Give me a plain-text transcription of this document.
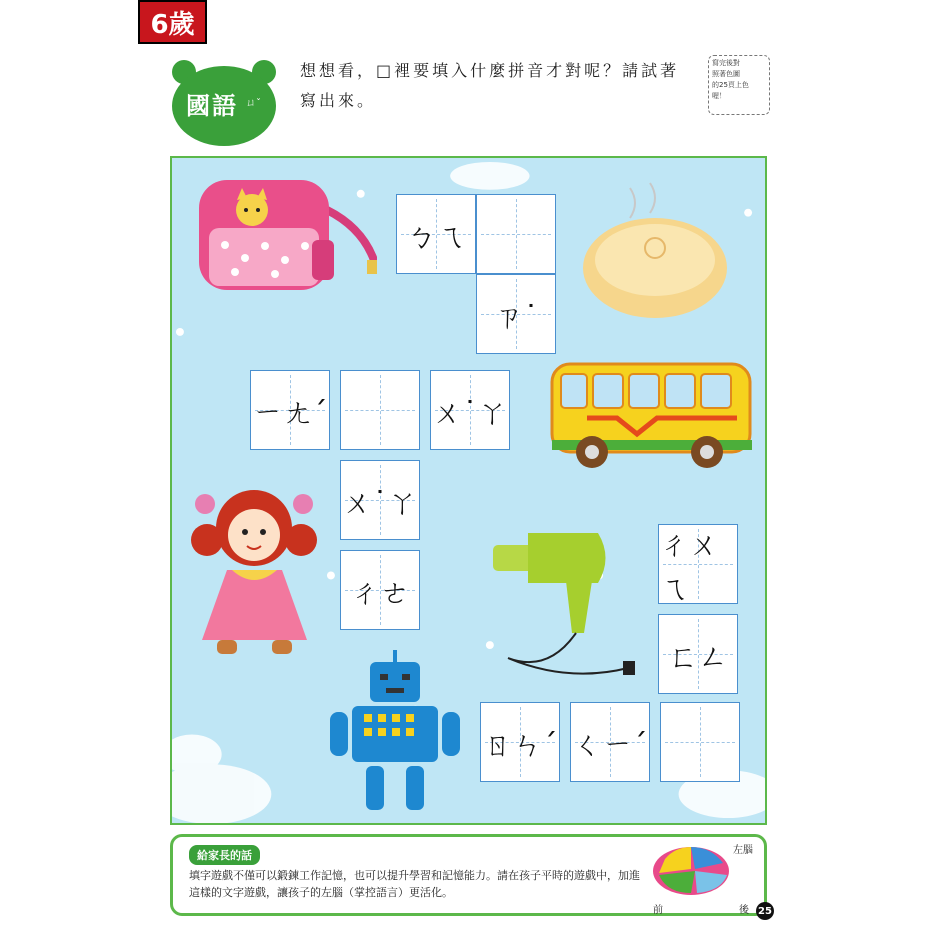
6歲
國語 ㄩˇ
想想看，□裡要填入什麼拼音才對呢？請試著寫出來。
寫完後對
照著色圖
的25頁上色
喔！
ㄅㄟ
ㄗ˙
ㄧㄤˊ	ㄨ˙ㄚ
ㄨ˙ㄚ
ㄔㄜ
ㄔㄨㄟ
ㄈㄥ
ㄖㄣˊ ㄑㄧˊ
給家長的話
填字遊戲不僅可以鍛鍊工作記憶，也可以提升學習和記憶能力。請在孩子平時的遊戲中，加進這樣的文字遊戲，讓孩子的左腦（掌控語言）更活化。
左腦
前	後 25
